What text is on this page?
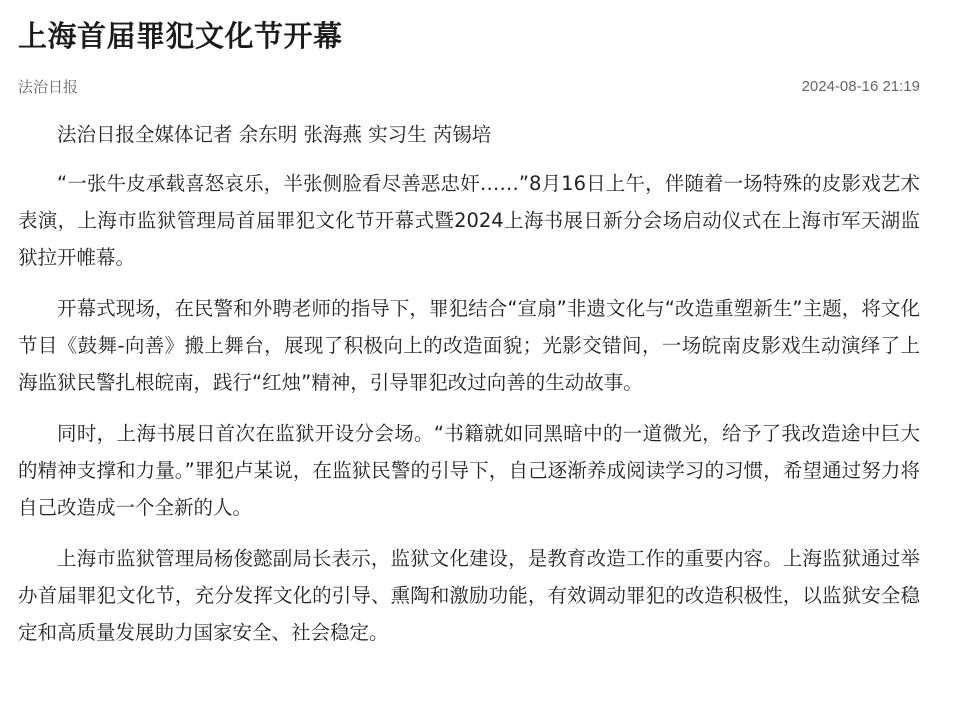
上海首届罪犯文化节开幕
法治日报	2024-08-16 21:19

法治日报全媒体记者 余东明 张海燕 实习生 芮锡培

“一张牛皮承载喜怒哀乐，半张侧脸看尽善恶忠奸……”8月16日上午，伴随着一场特殊的皮影戏艺术表演，上海市监狱管理局首届罪犯文化节开幕式暨2024上海书展日新分会场启动仪式在上海市军天湖监狱拉开帷幕。

开幕式现场，在民警和外聘老师的指导下，罪犯结合“宣扇”非遗文化与“改造重塑新生”主题，将文化节目《鼓舞-向善》搬上舞台，展现了积极向上的改造面貌；光影交错间，一场皖南皮影戏生动演绎了上海监狱民警扎根皖南，践行“红烛”精神，引导罪犯改过向善的生动故事。

同时，上海书展日首次在监狱开设分会场。“书籍就如同黑暗中的一道微光，给予了我改造途中巨大的精神支撑和力量。”罪犯卢某说，在监狱民警的引导下，自己逐渐养成阅读学习的习惯，希望通过努力将自己改造成一个全新的人。

上海市监狱管理局杨俊懿副局长表示，监狱文化建设，是教育改造工作的重要内容。上海监狱通过举办首届罪犯文化节，充分发挥文化的引导、熏陶和激励功能，有效调动罪犯的改造积极性，以监狱安全稳定和高质量发展助力国家安全、社会稳定。
